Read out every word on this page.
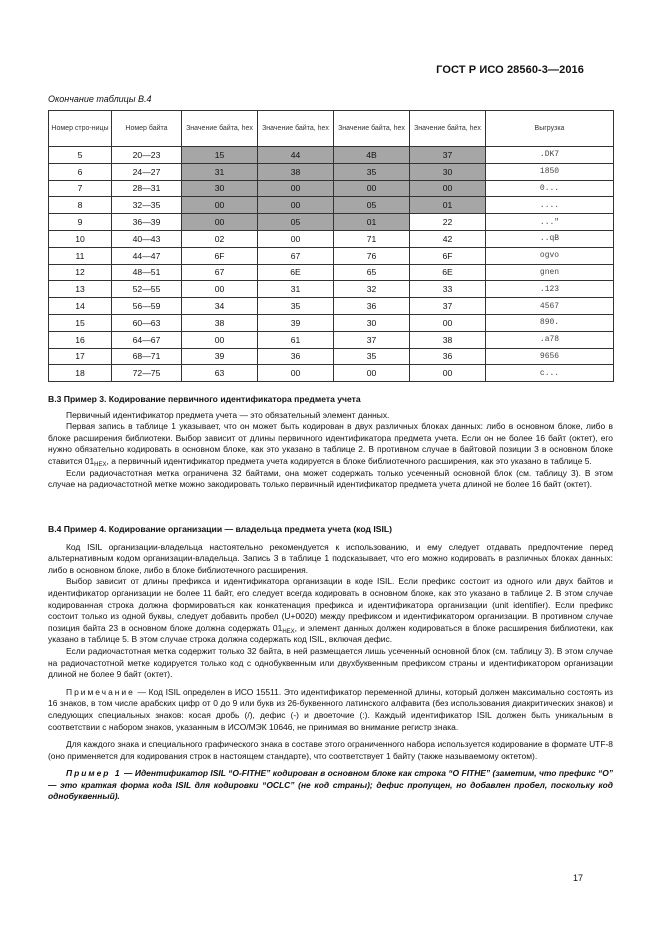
ГОСТ Р ИСО 28560-3—2016
Окончание таблицы В.4
Номер стро-ницы	Номер байта	Значение байта, hex	Значение байта, hex	Значение байта, hex	Значение байта, hex	Выгрузка
5	20—23	15	44	4B	37	.DK7
6	24—27	31	38	35	30	1850
7	28—31	30	00	00	00	0...
8	32—35	00	00	05	01	....
9	36—39	00	05	01	22	..."
10	40—43	02	00	71	42	..qB
11	44—47	6F	67	76	6F	ogvo
12	48—51	67	6E	65	6E	gnen
13	52—55	00	31	32	33	.123
14	56—59	34	35	36	37	4567
15	60—63	38	39	30	00	890.
16	64—67	00	61	37	38	.a78
17	68—71	39	36	35	36	9656
18	72—75	63	00	00	00	c...
В.3 Пример 3. Кодирование первичного идентификатора предмета учета

Первичный идентификатор предмета учета — это обязательный элемент данных.

Первая запись в таблице 1 указывает, что он может быть кодирован в двух различных блоках данных: либо в основном блоке, либо в блоке расширения библиотеки. Выбор зависит от длины первичного идентификатора предмета учета. Если он не более 16 байт (октет), его нужно обязательно кодировать в основном блоке, как это указано в таблице 2. В противном случае в байтовой позиции 3 в основном блоке ставится $01_{HEX}$, а первичный идентификатор предмета учета кодируется в блоке библиотечного расширения, как это указано в таблице 5.

Если радиочастотная метка ограничена 32 байтами, она может содержать только усеченный основной блок (см. таблицу 3). В этом случае на радиочастотной метке можно закодировать только первичный идентификатор предмета учета длиной не более 16 байт (октет).

В.4 Пример 4. Кодирование организации — владельца предмета учета (код ISIL)

Код ISIL организации-владельца настоятельно рекомендуется к использованию, и ему следует отдавать предпочтение перед альтернативным кодом организации-владельца. Запись 3 в таблице 1 подсказывает, что его можно кодировать в различных блоках данных: либо в основном блоке, либо в блоке библиотечного расширения.

Выбор зависит от длины префикса и идентификатора организации в коде ISIL. Если префикс состоит из одного или двух байтов и идентификатор организации не более 11 байт, его следует всегда кодировать в основном блоке, как это указано в таблице 2. В этом случае кодированная строка должна формироваться как конкатенация префикса и идентификатора организации (unit identifier). Если префикс состоит только из одной буквы, следует добавить пробел (U+0020) между префиксом и идентификатором организации. В противном случае позиция байта 23 в основном блоке должна содержать $01_{HEX}$, и элемент данных должен кодироваться в блоке расширения библиотеки, как указано в таблице 5. В этом случае строка должна содержать код ISIL, включая дефис.

Если радиочастотная метка содержит только 32 байта, в ней размещается лишь усеченный основной блок (см. таблицу 3). В этом случае на радиочастотной метке кодируется только код с однобуквенным или двухбуквенным префиксом страны и идентификатором организации длиной не более 9 байт (октет).

Примечание — Код ISIL определен в ИСО 15511. Это идентификатор переменной длины, который должен максимально состоять из 16 знаков, в том числе арабских цифр от 0 до 9 или букв из 26-буквенного латинского алфавита (без использования диакритических знаков) и следующих специальных знаков: косая дробь (/), дефис (-) и двоеточие (:). Каждый идентификатор ISIL должен быть уникальным в соответствии с набором знаков, указанным в ИСО/МЭК 10646, не принимая во внимание регистр знака.

Для каждого знака и специального графического знака в составе этого ограниченного набора используется кодирование в формате UTF-8 (оно применяется для кодирования строк в настоящем стандарте), что соответствует 1 байту (также называемому октетом).

Пример 1 — Идентификатор ISIL “O-FITHE” кодирован в основном блоке как строка “O FITHE” (заметим, что префикс “O” — это краткая форма кода ISIL для кодировки “OCLC” (не код страны); дефис пропущен, но добавлен пробел, поскольку код однобуквенный).

17
